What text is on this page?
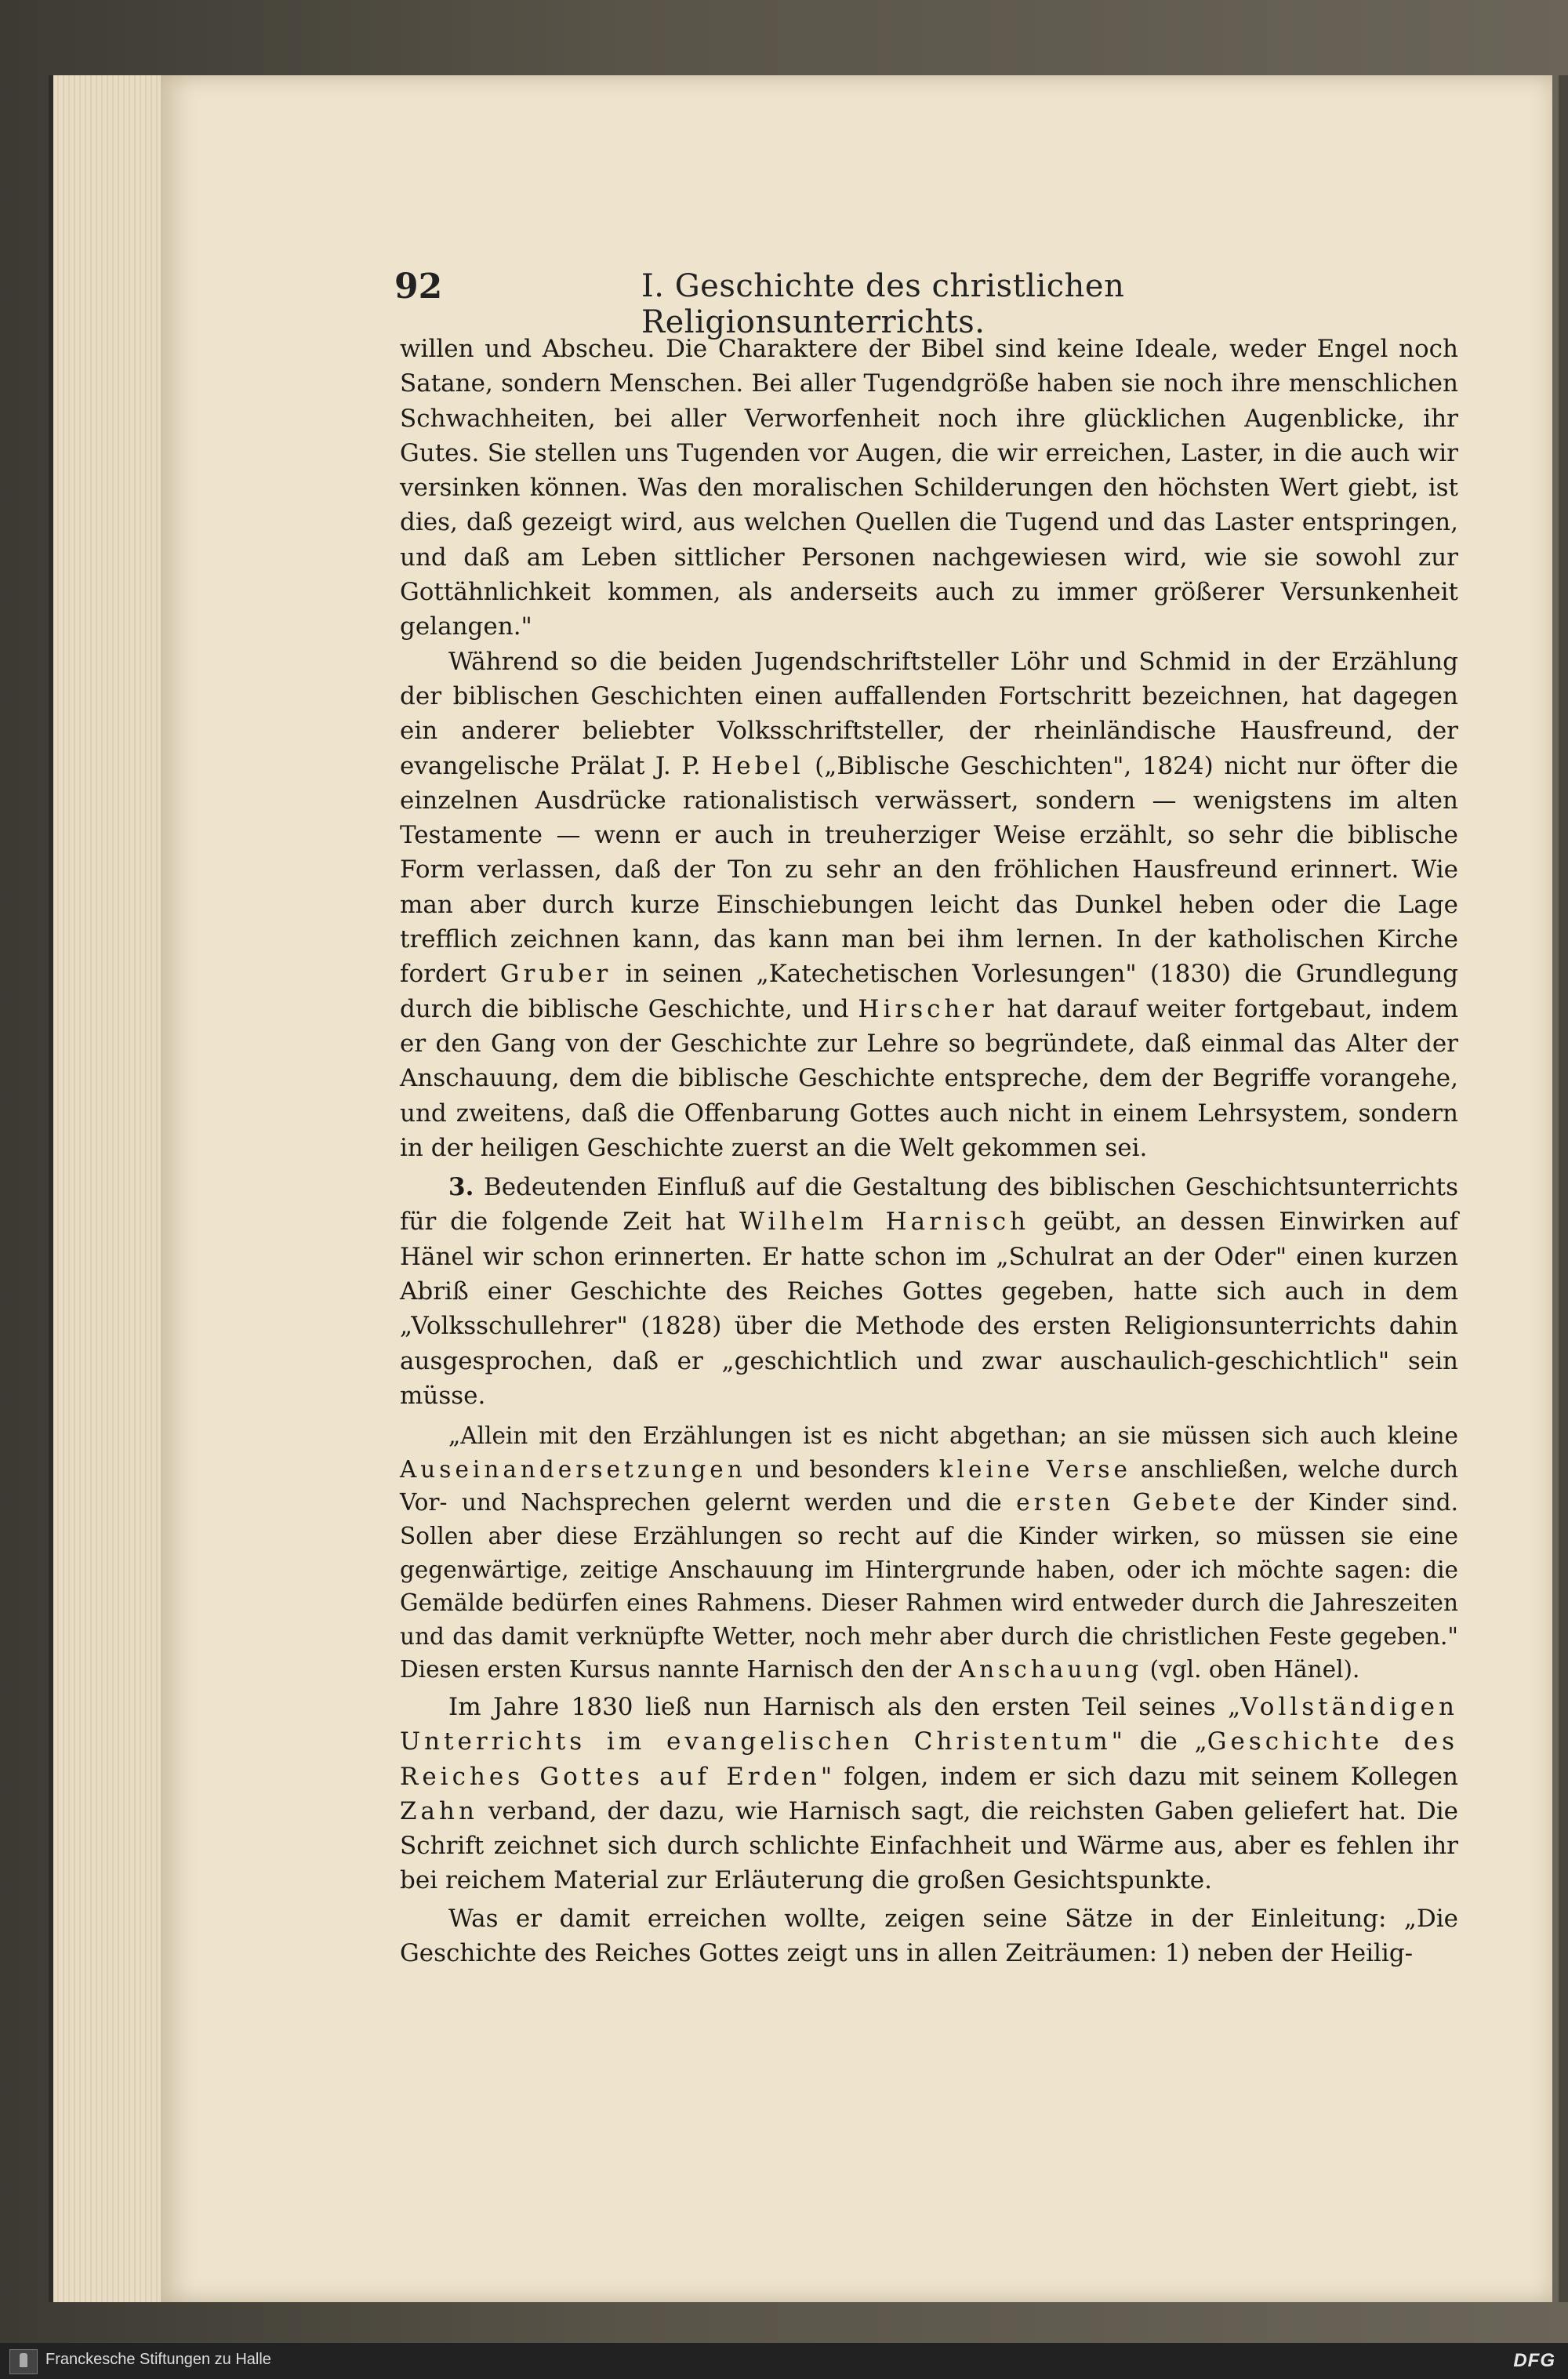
92	I. Geschichte des christlichen Religionsunterrichts.

willen und Abscheu. Die Charaktere der Bibel sind keine Ideale, weder Engel noch Satane, sondern Menschen. Bei aller Tugendgröße haben sie noch ihre menschlichen Schwachheiten, bei aller Verworfenheit noch ihre glücklichen Augenblicke, ihr Gutes. Sie stellen uns Tugenden vor Augen, die wir erreichen, Laster, in die auch wir versinken können. Was den moralischen Schilderungen den höchsten Wert giebt, ist dies, daß gezeigt wird, aus welchen Quellen die Tugend und das Laster entspringen, und daß am Leben sittlicher Personen nachgewiesen wird, wie sie sowohl zur Gottähnlichkeit kommen, als anderseits auch zu immer größerer Versunkenheit gelangen."

Während so die beiden Jugendschriftsteller Löhr und Schmid in der Erzählung der biblischen Geschichten einen auffallenden Fortschritt bezeichnen, hat dagegen ein anderer beliebter Volksschriftsteller, der rheinländische Hausfreund, der evangelische Prälat J. P. Hebel („Biblische Geschichten", 1824) nicht nur öfter die einzelnen Ausdrücke rationalistisch verwässert, sondern — wenigstens im alten Testamente — wenn er auch in treuherziger Weise erzählt, so sehr die biblische Form verlassen, daß der Ton zu sehr an den fröhlichen Hausfreund erinnert. Wie man aber durch kurze Einschiebungen leicht das Dunkel heben oder die Lage trefflich zeichnen kann, das kann man bei ihm lernen. In der katholischen Kirche fordert Gruber in seinen „Katechetischen Vorlesungen" (1830) die Grundlegung durch die biblische Geschichte, und Hirscher hat darauf weiter fortgebaut, indem er den Gang von der Geschichte zur Lehre so begründete, daß einmal das Alter der Anschauung, dem die biblische Geschichte entspreche, dem der Begriffe vorangehe, und zweitens, daß die Offenbarung Gottes auch nicht in einem Lehrsystem, sondern in der heiligen Geschichte zuerst an die Welt gekommen sei.

3. Bedeutenden Einfluß auf die Gestaltung des biblischen Geschichtsunterrichts für die folgende Zeit hat Wilhelm Harnisch geübt, an dessen Einwirken auf Hänel wir schon erinnerten. Er hatte schon im „Schulrat an der Oder" einen kurzen Abriß einer Geschichte des Reiches Gottes gegeben, hatte sich auch in dem „Volksschullehrer" (1828) über die Methode des ersten Religionsunterrichts dahin ausgesprochen, daß er „geschichtlich und zwar auschaulich-geschichtlich" sein müsse.

„Allein mit den Erzählungen ist es nicht abgethan; an sie müssen sich auch kleine Auseinandersetzungen und besonders kleine Verse anschließen, welche durch Vor- und Nachsprechen gelernt werden und die ersten Gebete der Kinder sind. Sollen aber diese Erzählungen so recht auf die Kinder wirken, so müssen sie eine gegenwärtige, zeitige Anschauung im Hintergrunde haben, oder ich möchte sagen: die Gemälde bedürfen eines Rahmens. Dieser Rahmen wird entweder durch die Jahreszeiten und das damit verknüpfte Wetter, noch mehr aber durch die christlichen Feste gegeben." Diesen ersten Kursus nannte Harnisch den der Anschauung (vgl. oben Hänel).

Im Jahre 1830 ließ nun Harnisch als den ersten Teil seines „Vollständigen Unterrichts im evangelischen Christentum" die „Geschichte des Reiches Gottes auf Erden" folgen, indem er sich dazu mit seinem Kollegen Zahn verband, der dazu, wie Harnisch sagt, die reichsten Gaben geliefert hat. Die Schrift zeichnet sich durch schlichte Einfachheit und Wärme aus, aber es fehlen ihr bei reichem Material zur Erläuterung die großen Gesichtspunkte.

Was er damit erreichen wollte, zeigen seine Sätze in der Einleitung: „Die Geschichte des Reiches Gottes zeigt uns in allen Zeiträumen: 1) neben der Heilig-

Franckesche Stiftungen zu Halle	DFG
